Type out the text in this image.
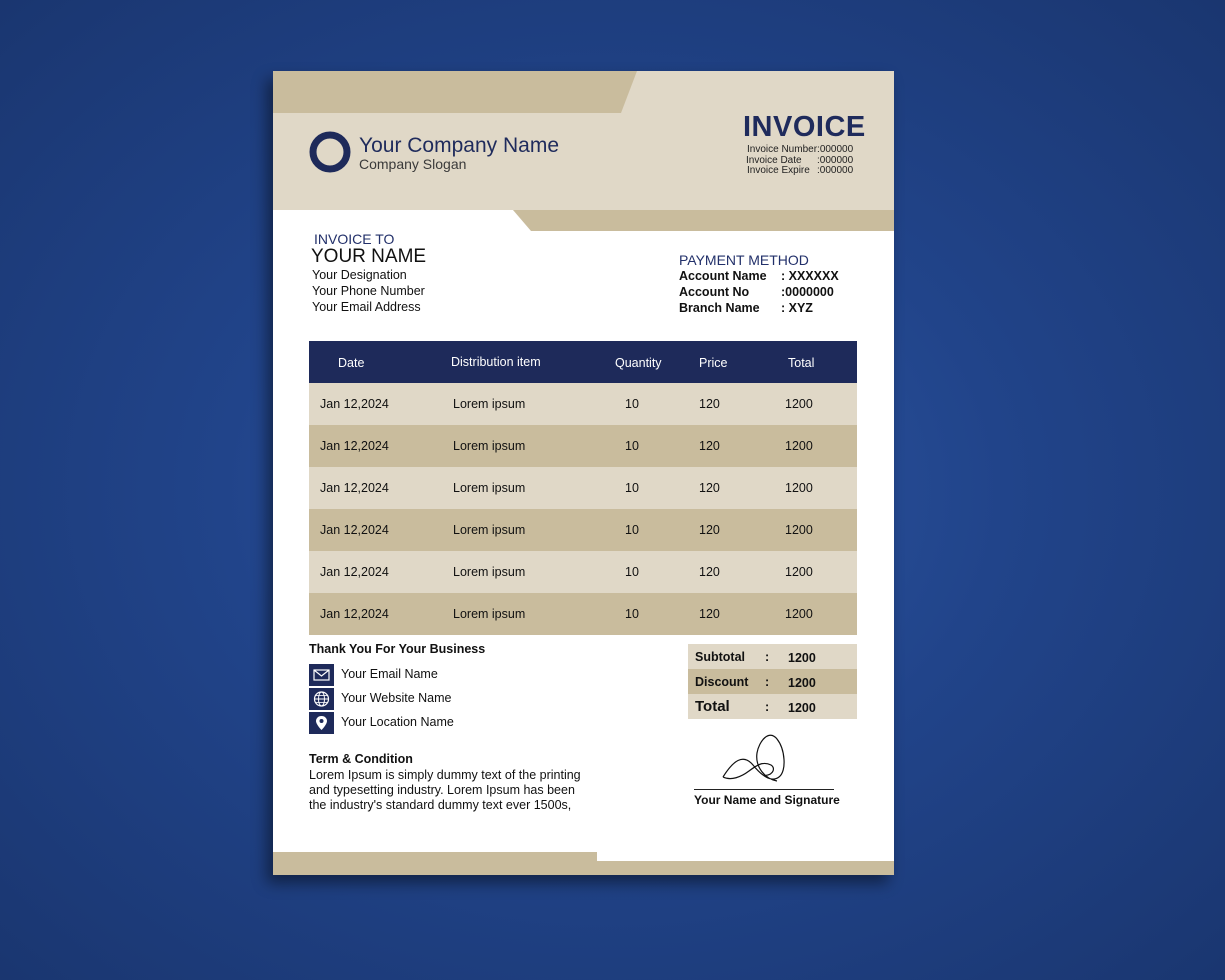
Your Company Name
Company Slogan
INVOICE
Invoice Number:000000
Invoice Date :000000
Invoice Expire :000000
INVOICE TO
YOUR NAME
Your Designation
Your Phone Number
Your Email Address
PAYMENT METHOD
Account Name : XXXXXX
Account No	:0000000
Branch Name : XYZ
Date	Distribution item	Quantity	Price	Total
Jan 12,2024	Lorem ipsum	10	120	1200
Jan 12,2024	Lorem ipsum	10	120	1200
Jan 12,2024	Lorem ipsum	10	120	1200
Jan 12,2024	Lorem ipsum	10	120	1200
Jan 12,2024	Lorem ipsum	10	120	1200
Jan 12,2024	Lorem ipsum	10	120	1200
Thank You For Your Business
Your Email Name
Your Website Name
Your Location Name
Term & Condition
Lorem Ipsum is simply dummy text of the printing and typesetting industry. Lorem Ipsum has been the industry's standard dummy text ever 1500s,
Subtotal : 1200
Discount : 1200
Total	: 1200
Your Name and Signature
